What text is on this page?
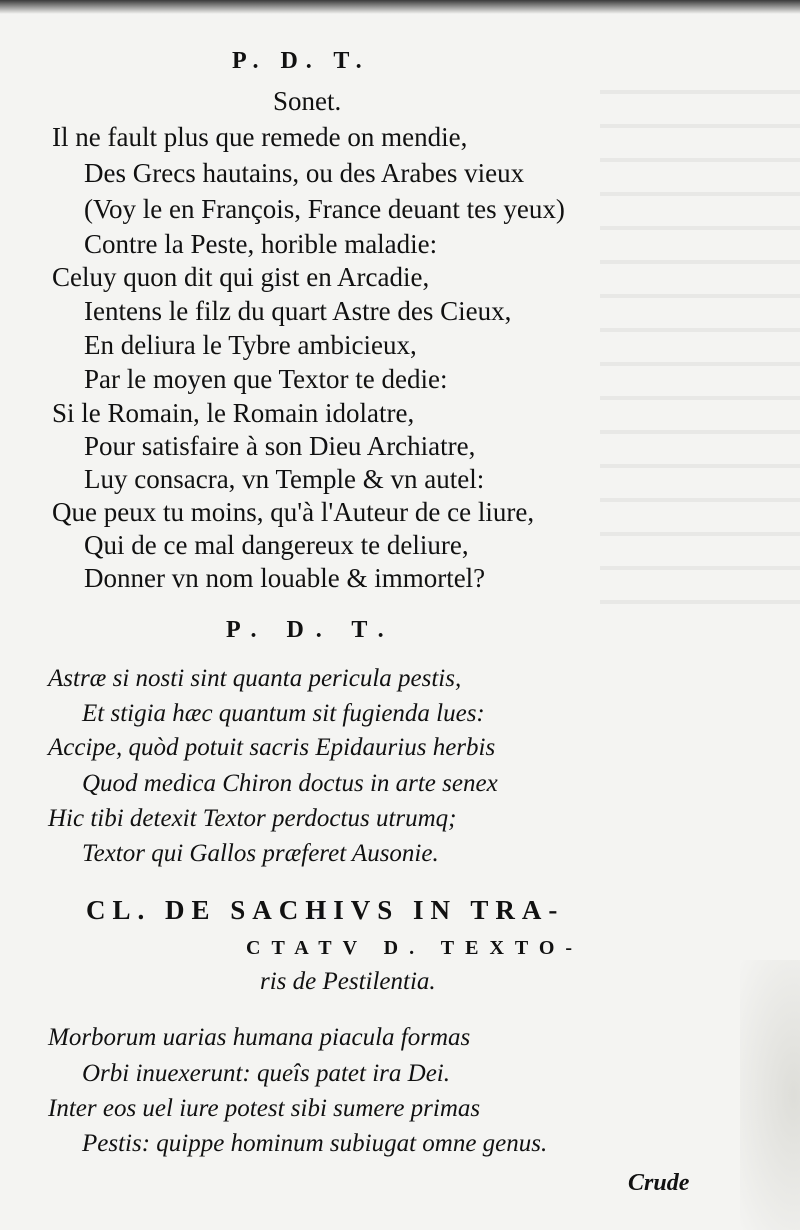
P. D. T.
Sonet.
Il ne fault plus que remede on mendie,
Des Grecs hautains, ou des Arabes vieux
(Voy le en François, France deuant tes yeux)
Contre la Peste, horible maladie:
Celuy quon dit qui gist en Arcadie,
Ientens le filz du quart Astre des Cieux,
En deliura le Tybre ambicieux,
Par le moyen que Textor te dedie:
Si le Romain, le Romain idolatre,
Pour satisfaire à son Dieu Archiatre,
Luy consacra, vn Temple & vn autel:
Que peux tu moins, qu'à l'Auteur de ce liure,
Qui de ce mal dangereux te deliure,
Donner vn nom louable & immortel?
P. D. T.
Astræ si nosti sint quanta pericula pestis,
Et stigia hæc quantum sit fugienda lues:
Accipe, quòd potuit sacris Epidaurius herbis
Quod medica Chiron doctus in arte senex
Hic tibi detexit Textor perdoctus utrumq;
Textor qui Gallos præferet Ausonie.
CL. DE SACHIVS IN TRA-
CTATV D. TEXTO-
ris de Pestilentia.
Morborum uarias humana piacula formas
Orbi inuexerunt: queîs patet ira Dei.
Inter eos uel iure potest sibi sumere primas
Pestis: quippe hominum subiugat omne genus.
Crude
